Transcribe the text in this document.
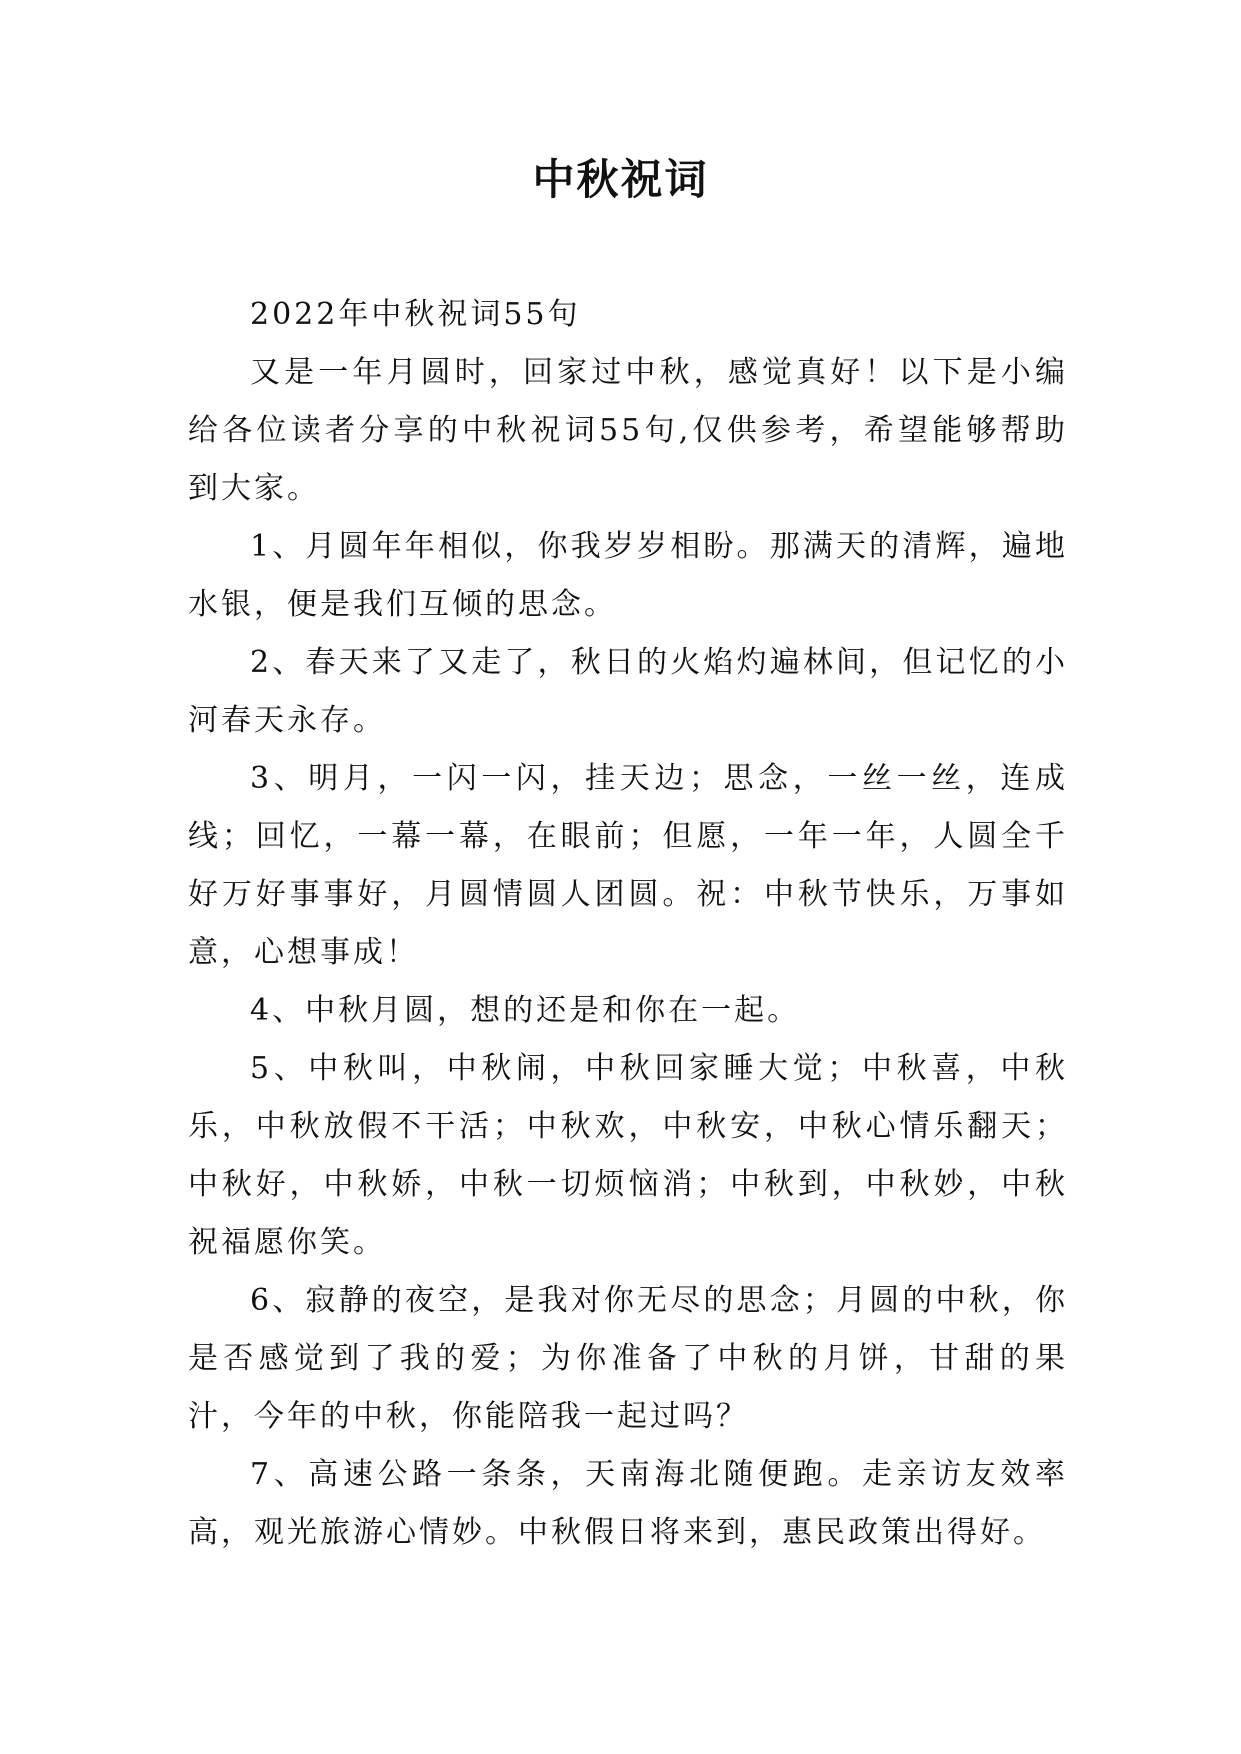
中秋祝词

2022年中秋祝词55句

又是一年月圆时，回家过中秋，感觉真好！以下是小编给各位读者分享的中秋祝词55句,仅供参考，希望能够帮助到大家。

1、月圆年年相似，你我岁岁相盼。那满天的清辉，遍地水银，便是我们互倾的思念。

2、春天来了又走了，秋日的火焰灼遍林间，但记忆的小河春天永存。

3、明月，一闪一闪，挂天边；思念，一丝一丝，连成线；回忆，一幕一幕，在眼前；但愿，一年一年，人圆全千好万好事事好，月圆情圆人团圆。祝：中秋节快乐，万事如意，心想事成！

4、中秋月圆，想的还是和你在一起。

5、中秋叫，中秋闹，中秋回家睡大觉；中秋喜，中秋乐，中秋放假不干活；中秋欢，中秋安，中秋心情乐翻天；中秋好，中秋娇，中秋一切烦恼消；中秋到，中秋妙，中秋祝福愿你笑。

6、寂静的夜空，是我对你无尽的思念；月圆的中秋，你是否感觉到了我的爱；为你准备了中秋的月饼，甘甜的果汁，今年的中秋，你能陪我一起过吗？

7、高速公路一条条，天南海北随便跑。走亲访友效率高，观光旅游心情妙。中秋假日将来到，惠民政策出得好。
